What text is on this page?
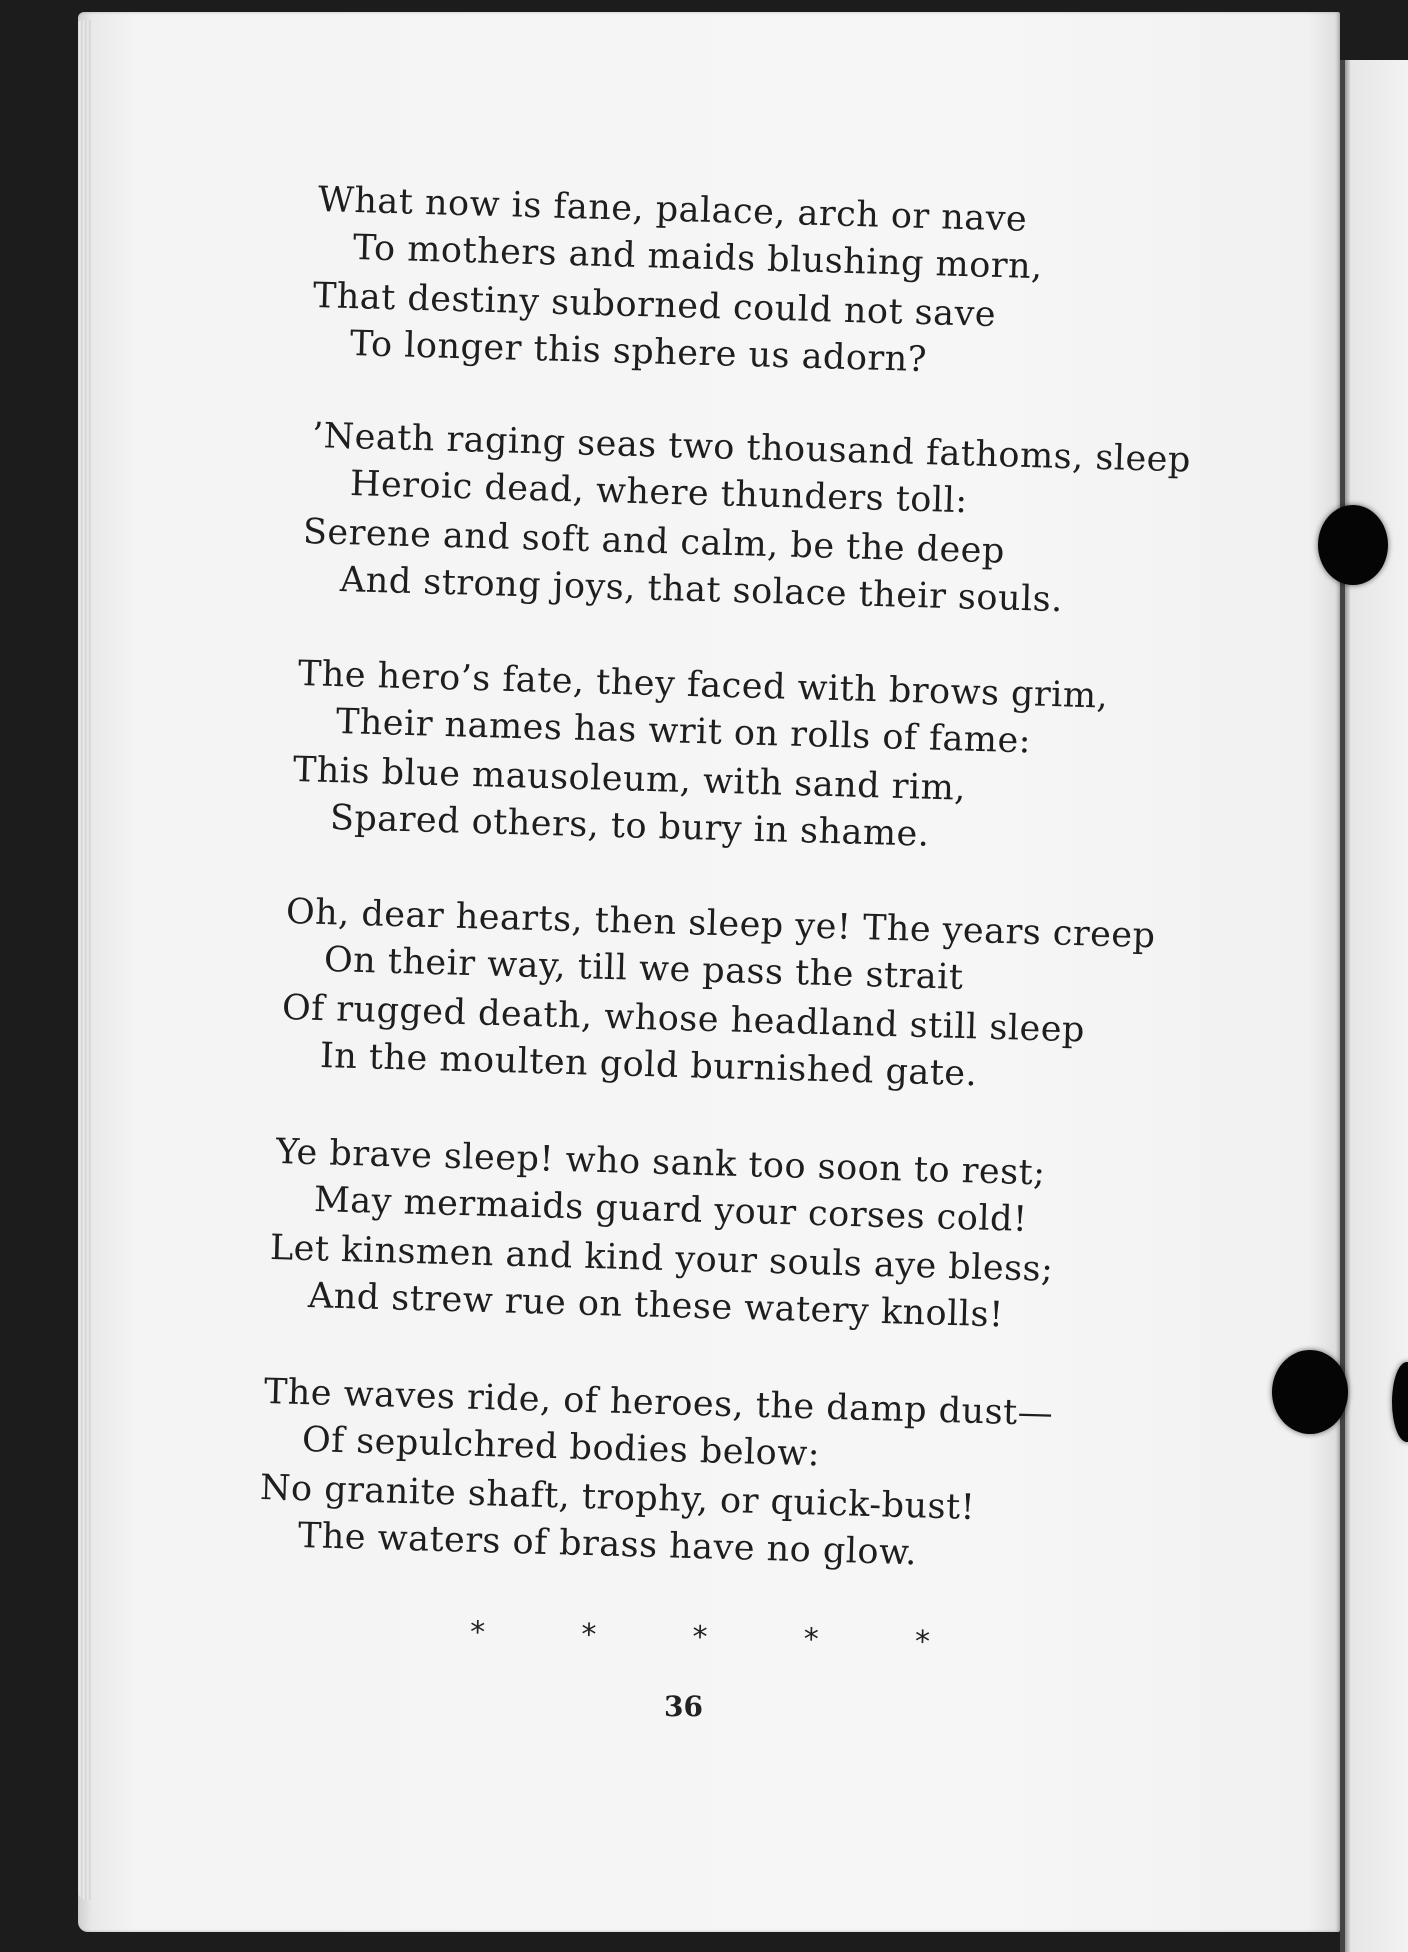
What now is fane, palace, arch or nave
To mothers and maids blushing morn,
That destiny suborned could not save
To longer this sphere us adorn?
’Neath raging seas two thousand fathoms, sleep
Heroic dead, where thunders toll:
Serene and soft and calm, be the deep
And strong joys, that solace their souls.
The hero’s fate, they faced with brows grim,
Their names has writ on rolls of fame:
This blue mausoleum, with sand rim,
Spared others, to bury in shame.
Oh, dear hearts, then sleep ye! The years creep
On their way, till we pass the strait
Of rugged death, whose headland still sleep
In the moulten gold burnished gate.
Ye brave sleep! who sank too soon to rest;
May mermaids guard your corses cold!
Let kinsmen and kind your souls aye bless;
And strew rue on these watery knolls!
The waves ride, of heroes, the damp dust—
Of sepulchred bodies below:
No granite shaft, trophy, or quick-bust!
The waters of brass have no glow.
*	*	*	*	*
36
